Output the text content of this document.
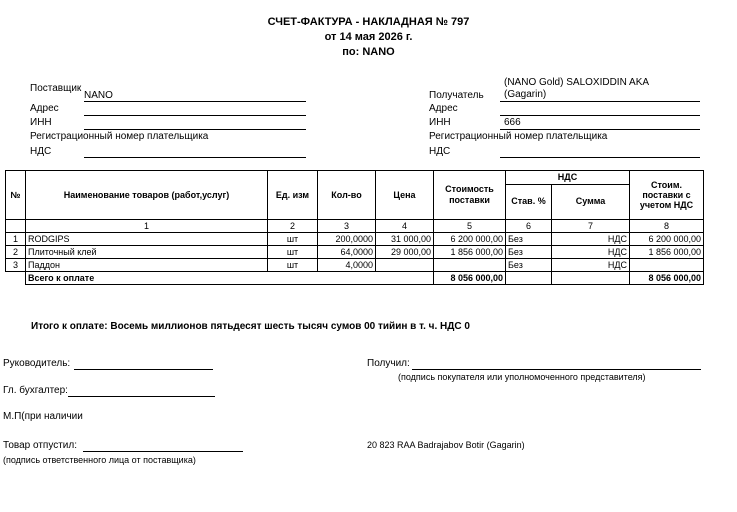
СЧЕТ-ФАКТУРА - НАКЛАДНАЯ № 797
от 14 мая 2026 г.
по: NANO
Поставщик
NANO
Адрес
ИНН
Регистрационный номер плательщика
НДС
(NANO Gold) SALOXIDDIN AKA
Получатель (Gagarin)
Адрес
ИНН	666
Регистрационный номер плательщика
НДС
№	Наименование товаров (работ,услуг)	Ед. изм	Кол-во	Цена	Стоимость поставки	НДС		Стоим. поставки с учетом НДС
						Став. %	Сумма	
	1	2	3	4	5	6	7	8
1	RODGIPS	шт	200,0000	31 000,00	6 200 000,00	Без	НДС	6 200 000,00
2	Плиточный клей	шт	64,0000	29 000,00	1 856 000,00	Без	НДС	1 856 000,00
3	Паддон	шт	4,0000			Без	НДС	
	Всего к оплате				8 056 000,00			8 056 000,00
Итого к оплате: Восемь миллионов пятьдесят шесть тысяч сумов 00 тийин в т. ч. НДС 0
Руководитель:
Гл. бухгалтер:
М.П(при наличии
Товар отпустил:
(подпись ответственного лица от поставщика)
Получил:
(подпись покупателя или уполномоченного представителя)
20 823 RAA Badrajabov Botir (Gagarin)
